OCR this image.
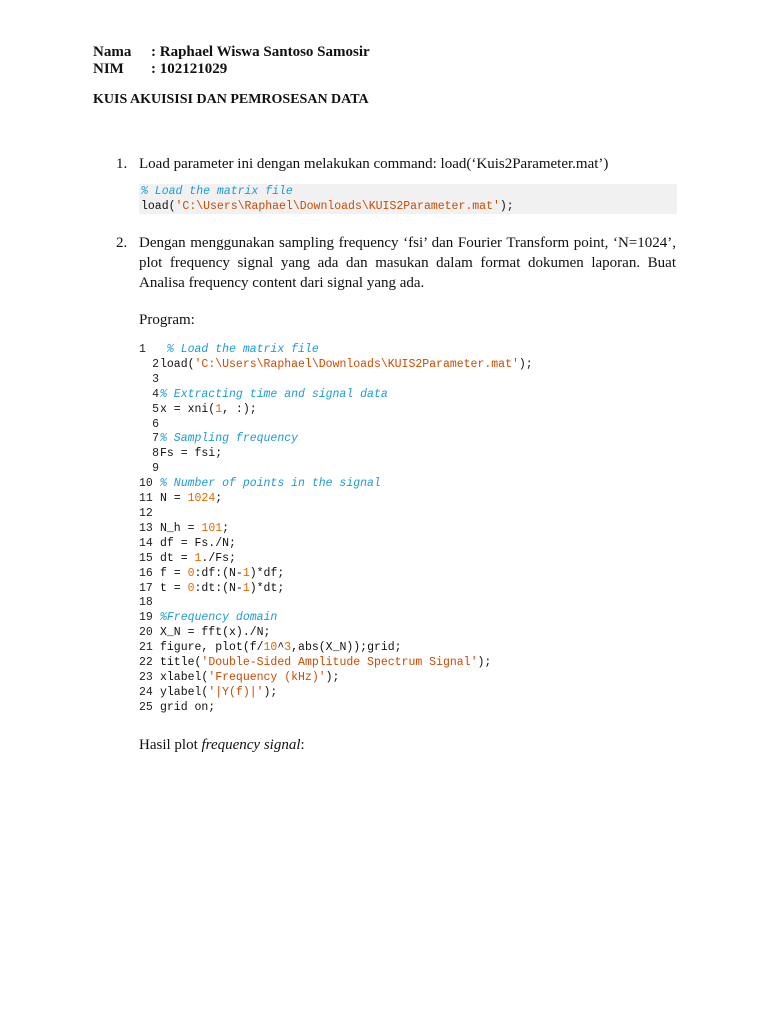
Nama	: Raphael Wiswa Santoso Samosir
NIM	: 102121029
KUIS AKUISISI DAN PEMROSESAN DATA
1. Load parameter ini dengan melakukan command: load(‘Kuis2Parameter.mat’)
% Load the matrix file
load('C:\Users\Raphael\Downloads\KUIS2Parameter.mat');
2. Dengan menggunakan sampling frequency ‘fsi’ dan Fourier Transform point, ‘N=1024’, plot frequency signal yang ada dan masukan dalam format dokumen laporan. Buat Analisa frequency content dari signal yang ada.
Program:
1	% Load the matrix file
2 load('C:\Users\Raphael\Downloads\KUIS2Parameter.mat');
3

4 % Extracting time and signal data
5 x = xni(1, :);
6

7 % Sampling frequency
8 Fs = fsi;
9

10 % Number of points in the signal
11 N = 1024;
12

13 N_h = 101;
14 df = Fs./N;
15 dt = 1./Fs;
16 f = 0:df:(N-1)*df;
17 t = 0:dt:(N-1)*dt;
18

19 %Frequency domain
20 X_N = fft(x)./N;
21 figure, plot(f/10^3,abs(X_N));grid;
22 title('Double-Sided Amplitude Spectrum Signal');
23 xlabel('Frequency (kHz)');
24 ylabel('|Y(f)|');
25 grid on;
Hasil plot frequency signal:
